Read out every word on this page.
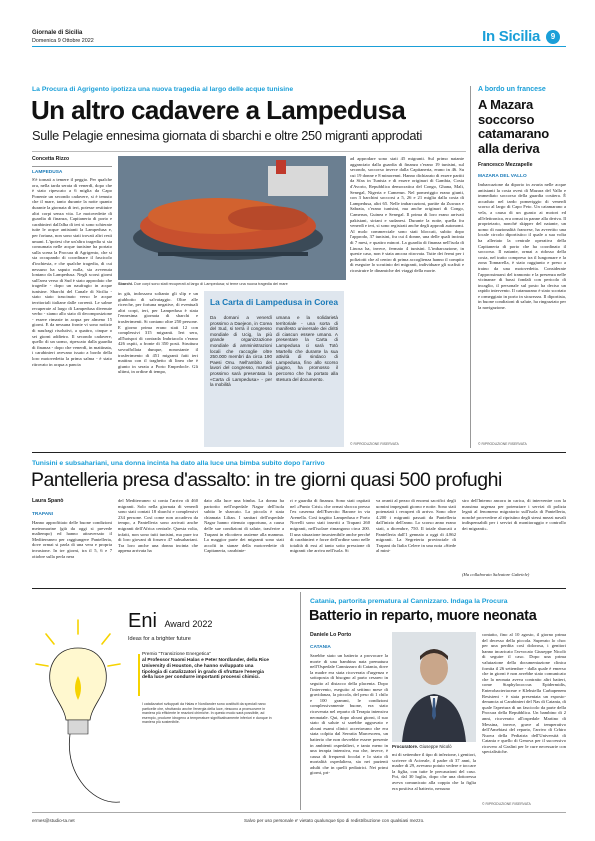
Giornale di Sicilia
Domenica 9 Ottobre 2022	In Sicilia	9
La Procura di Agrigento ipotizza una nuova tragedia al largo delle acque tunisine
Un altro cadavere a Lampedusa
Sulle Pelagie ennesima giornata di sbarchi e oltre 250 migranti approdati
Concetta Rizzo
LAMPEDUSA
S'è tornati a temere il peggio. Per qualche ora, nella tarda serata di venerdì, dopo che è stato ripescato a 6 miglia da Capo Ponente un secondo cadavere, si è temuto che il mare, tanto durante la notte quanto durante la giornata di ieri, potesse restituire altri corpi senza vita. Le motovedette di guardia di finanza, Capitaneria di porto e carabinieri dall'alba di ieri si sono schierate tutte le acque antistanti la Lampedusa e, per fortuna, non sono stati trovati altri resti umani. L'ipotesi che un'altra tragedia si sia consumata nelle acque tunisine ha portato sulla scena la Procura di Agrigento, che si sta occupando di coordinare il fascicolo d'inchiesta, e che qualche tragedia, di cui nessuno ha saputo nulla, sia avvenuta lontano da Lampedusa. Negli scorsi giorni sull'area verso di Sud è stato approdato che tragedie - dopo un naufragio in acque tunisine. Sbarchi del Canale di Sicilia - stato stato trascinato verso le acque territoriali italiane dalle correnti. Le salme recuperate al largo di Lampedusa divenute verbo - siamo allo stato di decomposizione - essere rimaste in acqua per almeno 15 giorni. E da nessuna fronte vi sono notizie di naufragi risolutivi, a quattro, cinque o sei giorni addietro. Il secondo cadavere, quello di un uomo, ripescato dalla guardia di finanza - dopo che venerdì, in mattinata, i carabinieri avevano issato a bordo della loro motovedetta la prima salma - è stato ritrovato in acqua a pancia
Sbarchi. Due corpi sono stati recuperati al largo di Lampedusa; si teme una nuova tragedia del mare
in giù, indossava soltanto gli slip e un giubbotto di salvataggio. Oltre alle ricerche, per fortuna negative, di eventuali altri corpi, ieri, per Lampedusa è stata l'ennesima giornata di sbarchi e trasferimenti. Si contano oltre 250 persone. E giorno prima erano stati 12 con complessivi 315 migranti. Ieri sera, all'hotspot di contrada Imbriacola c'erano 426 ospiti, a fronte di 350 posti. Struttura sovraffollata dunque, nonostante il trasferimento di 451 migranti fatti ieri mattina con il traghetto di linea che è giunto in serata a Porto Empedocle. Gli ultimi, in ordine di tempo,
La Carta di Lampedusa in Corea
Da domani a venerdì prossimo a Daejeon, in Corea del Sud, si terrà il congresso mondiale di Ucig, la più grande organizzazione mondiale di amministrazioni locali che raccoglie oltre 250.000 membri da circa 190 Paesi Onu. Nell'ambito dei lavori del congresso, martedì prossimo sarà presentata la «Carta di Lampedusa» - per la mobilità
umana e la solidarietà territoriale - una sorta di manifesto universale dei diritti di ciascun essere umano. A presentare la Carta di Lampedusa ci sarà Totò Martello che durante la sua attività di sindaco di Lampedusa, fino allo scorso giugno, ha promosso il percorso che ha portato alla stesura del documento.
ad approdare sono stati 45 migranti. Sul primo natante agganciato dalla guardia di finanza c'erano 19 tunisini, sul secondo, soccorso invece dalla Capitaneria, erano in 46. Su cui 19 donne e 8 minorenni. Hanno dichiarato di essere partiti da Sfax in Tunisia e di essere originari di Gambia, Costa d'Avorio, Repubblica democratica del Congo, Ghana, Mali, Senegal, Nigeria e Camerun. Nel pomeriggio erano giunti, con 3 barchini soccorsi a 5, 26 e 21 miglia dalla costa di Lampedusa, altri 65. Nelle imbarcazioni, partite da Zuwara e Sabrata, c'erano tunisini, ma anche originari di Congo, Camerun, Guinea e Senegal. Il prima di loro erano arrivati pakistani, siriani e sudanesi. Durante la notte, quella fra venerdì e ieri, si sono registrati anche degli approdi autonomi. Al molo commerciale sono stati bloccati, subito dopo l'approdo, 37 tunisini, fra cui 4 donne, una delle quali incinta di 7 mesi, e quattro minori. La guardia di finanza nell'isola di Linosa ha, invece, fermato 4 tunisini. L'imbarcazione, in queste caso, non è stata ancora ritrovata. Tutte dei fermi per i poliziotti che al centro di prima accoglienza hanno il compito di eseguire lo scrutinio dei migranti, individuare gli scafisti e ricostruire le dinamiche dei viaggi della morte.
© RIPRODUZIONE RISERVATA
A bordo un francese
A Mazara soccorso catamarano alla deriva
Francesco Mezzapelle
MAZARA DEL VALLO
Imbarcazione da diporto in avaria nelle acque antistanti la costa ovest di Mazara del Vallo e immediato soccorso della guardia costiera. È accaduto nel tardo pomeriggio di venerdì scorso al largo di Capo Feto. Un catamarano a vela, a causa di un guasto ai motori ed all'elettronica, era ormai in panne alla deriva. Il proprietario, nonché skipper del natante, un uomo di nazionalità francese, ha avvertito una locale circolo diportistico il quale a sua volta ha allertato la centrale operativa della Capitaneria di porto che ha coordinato il soccorso. Il natante, ormai a ridosso della costa, nel tratto compreso tra il lungomare e la zona Tonnarella, è stato raggiunto e preso a traino da una motovedetta. Considerate l'approssimarsi del tramonto e la presenza nelle vicinanze di bassi fondali con pericolo di incaglio, il personale sul posto ha deciso un rapido intervento. Il catamarano è stato scortato e ormeggiato in porto in sicurezza. Il diportista, in buone condizioni di salute, ha ringraziato per la navigazione.
© RIPRODUZIONE RISERVATA
Tunisini e subsahariani, una donna incinta ha dato alla luce una bimba subito dopo l'arrivo
Pantelleria presa d'assalto: in tre giorni quasi 500 profughi
Laura Spanò
TRAPANI
Hanno approfittato delle buone condizioni meteomarine (già da oggi si prevede maltempo) ed hanno attraversato il Mediterraneo per raggiungere Pantelleria, dove ormai si parla di una vera e propria invasione. In tre giorni, tra il 5, 6 e 7 ottobre sulla perla nera
del Mediterraneo si conta l'arrivo di 460 migranti. Solo nella giornata di venerdì sono stati contati 18 sbarchi e complessivi 234 persone. Così come non accadeva da tempo, a Pantelleria sono arrivati anche migranti dell'Africa centrale. Questa volta, infatti, non sono tutti tunisini, ma pure tra di loro giovani di fossero 47 subsahariani. Tra loro anche una donna incinta che appena arrivata ha
dato alla luce una bimba. La donna ha partorito nell'ospedale Nagar dell'isola subito le sbarcato. La piccola è stata chiamata Lilian. I sanitari dell'ospedale Nagar hanno ritenuto opportuno, a causa delle sue condizioni di salute, trasferire a Trapani in elicottero assieme alla mamma. La maggior parte dei migranti sono stati accolti in stanze della motovedette di Capitaneria, carabinie-
ri e guardia di finanza. Sono stati ospitati nel «Punto Crisi» che ormai sbocca presso l'ex caserma dell'Esercito Barone in via Arenella. Così tragitto Lampedusa e Porto Novelli sono stati inseriti a Trapani 260 migranti, nell'isolare rimangono circa 200. Il una situazione insostenibile anche perché di carabinieri e forze dell'ordine sono nelle totalità di essi al tanto sotto pressione di migranti che arriva nell'isola. Si
va avanti al pezzo di enormi sacrifici degli uomini impegnati giorno e notte. Sono stati potenziati i recuperi di arrivo. Sono oltre 4.200 i migranti passati da Pantelleria dall'inizio dell'anno. Lo scorso anno erano stati, a dicembre, 750. Il totale sbarcati a Pantelleria dall'1 gennaio a oggi di 4.862 migranti. La Segreteria provinciale di Trapani da Italia Celere in una nota «Siede al mini-
stro dell'Interno ancora in carica, di intervenire con la massima urgenza per potenziare i servizi di polizia legati al fenomeno migratorio sull'isola di Pantelleria, nonché provvedere al ripristino degli stessi mezzi navali indispensabili per i servizi di monitoraggio e controllo dei migranti».
(Ha collaborato Salvatore Gabriele)
Eni Award 2022
Ideas for a brighter future
Premio "Transizione Energetica"
al Professor Naomi Halas e Peter Nordlander, della Rice University di Houston, che hanno sviluppato una tipologia di catalizzatori in grado di sfruttare l'energia della luce per condurre importanti processi chimici.
I catalizzatori sviluppati da Halas e Nordlander sono costituiti da speciali nano particelle che, sfruttando anche l'energia della luce, riescono a promuovere in maniera più efficiente le reazioni chimiche. In questo modo sarà possibile, ad esempio, produrre idrogeno a temperature significativamente inferiori e dunque in maniera più sostenibile.
Catania, partorita prematura al Cannizzaro. Indaga la Procura
Batterio in reparto, muore neonata
Daniele Lo Porto
CATANIA
Sarebbe stato un batterio a provocare la morte di una bambina nata prematura nell'Ospedale Cannizzaro di Catania, dove la madre era stata ricoverata d'urgenza e sottoposta di bisogno al parto cesareo in seguito al distacco della placenta. Dopo l'intervento, eseguito al settimo mese di gravidanza, la piccola, del peso di 1 chilo e 100 grammi, le condizioni complessivamente buone, era stato ricoverata nel reparto di Terapia intensiva neonatale. Qui, dopo alcuni giorni, il suo stato di salute si sarebbe aggravato e alcuni esami clinici accertavano che era stata colpita dal Serratia Marcescens, un batterio che non dovrebbe essere presente in ambienti ospedalieri, e tanto meno in una terapia intensiva, ma che, invece, è causa di frequenti focolai e lo stato di mortalità ospedaliera, sia nei pazienti adulti che in quelli pediatrici. Nei primi giorni, pri-
Procuratore. Giuseppe Nicolò
mi di settembre il tipo di infezione, i genitori, scrivere di Acireale, il padre di 37 anni, la madre di 29, avevano potuto vedere e toccare la figlia, con tutte le precauzioni del caso. Poi, dal 30 luglio, dopo che una dottoressa aveva comunicato alla coppia che la figlia era positiva al batterio, nessuno
contatto, fino al 10 agosto, il giorno prima del decesso della piccola. Superato lo choc per una perdita così dolorosa, i genitori hanno incaricato l'avvocato Giuseppe Nicolò di seguire il caso. Dopo una prima valutazione della documentazione clinica fornita il 26 settembre - dalla quale è emerso che in giorni è non avrebbe stato comunicato che la neonata aveva contratto altri batteri, come Staphylococcus Epidermidis, Enterobacteriaceae e Klebsiella Carbapenem Resistent - è stata presentata un esposto-denuncia ai Carabinieri del Nas di Catania, di quale l'apertura di un fascicolo da parte della Procura della Repubblica. Un bambino di 2 anni, ricoverato all'ospedale Martino di Messina, invece, grave al temperativo dell'Amebiasi del reparto, l'arrivo di Crhiro Nuova della Pediatria dell'Università di Catania e quello di Genova per il successivo ricovero al Gaslini per le cure necessarie con specialistiche.
© RIPRODUZIONE RISERVATA
ermes@studio-ta.net	Salvo per uso personale e' vietato qualunque tipo di redistribuzione con qualsiasi mezzo.
